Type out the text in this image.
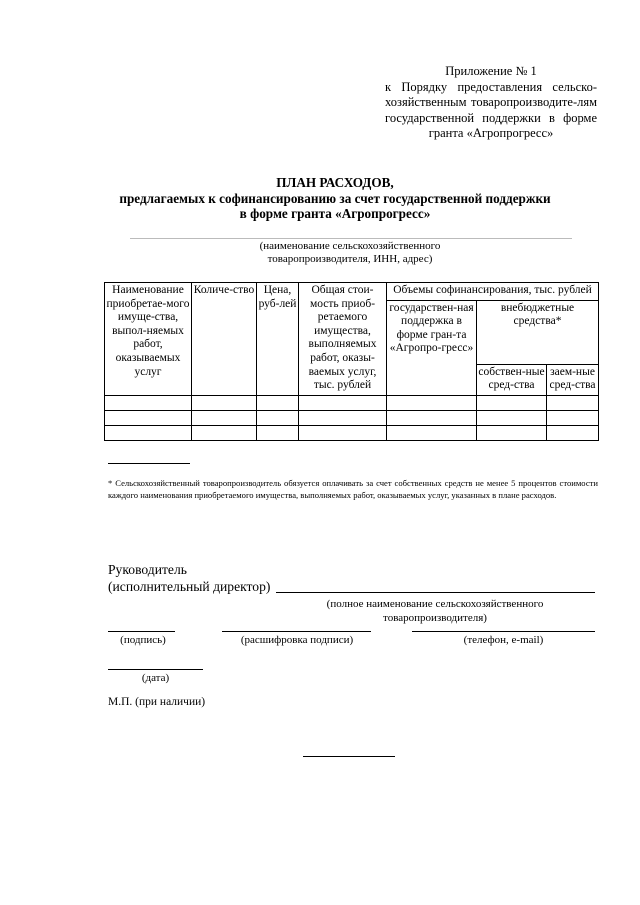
Приложение № 1
к Порядку предоставления сельско-хозяйственным товаропроизводите-лям государственной поддержки в форме гранта «Агропрогресс»
ПЛАН РАСХОДОВ,
предлагаемых к софинансированию за счет государственной поддержки
в форме гранта «Агропрогресс»
(наименование сельскохозяйственного
товаропроизводителя, ИНН, адрес)
Наименование приобретае-мого имуще-ства, выпол-няемых работ, оказываемых услуг	Количе-ство	Цена, руб-лей	Общая стои-мость приоб-ретаемого имущества, выполняемых работ, оказы-ваемых услуг, тыс. рублей	Объемы софинансирования, тыс. рублей		
				государствен-ная поддержка в форме гран-та «Агропро-гресс»	внебюджетные средства*	
					собствен-ные сред-ства	заем-ные сред-ства

* Сельскохозяйственный товаропроизводитель обязуется оплачивать за счет собственных средств не менее 5 процентов стоимости каждого наименования приобретаемого имущества, выполняемых работ, оказываемых услуг, указанных в плане расходов.
Руководитель
(исполнительный директор)
(полное наименование сельскохозяйственного товаропроизводителя)
(подпись)	(расшифровка подписи)	(телефон, e-mail)
(дата)
М.П. (при наличии)
